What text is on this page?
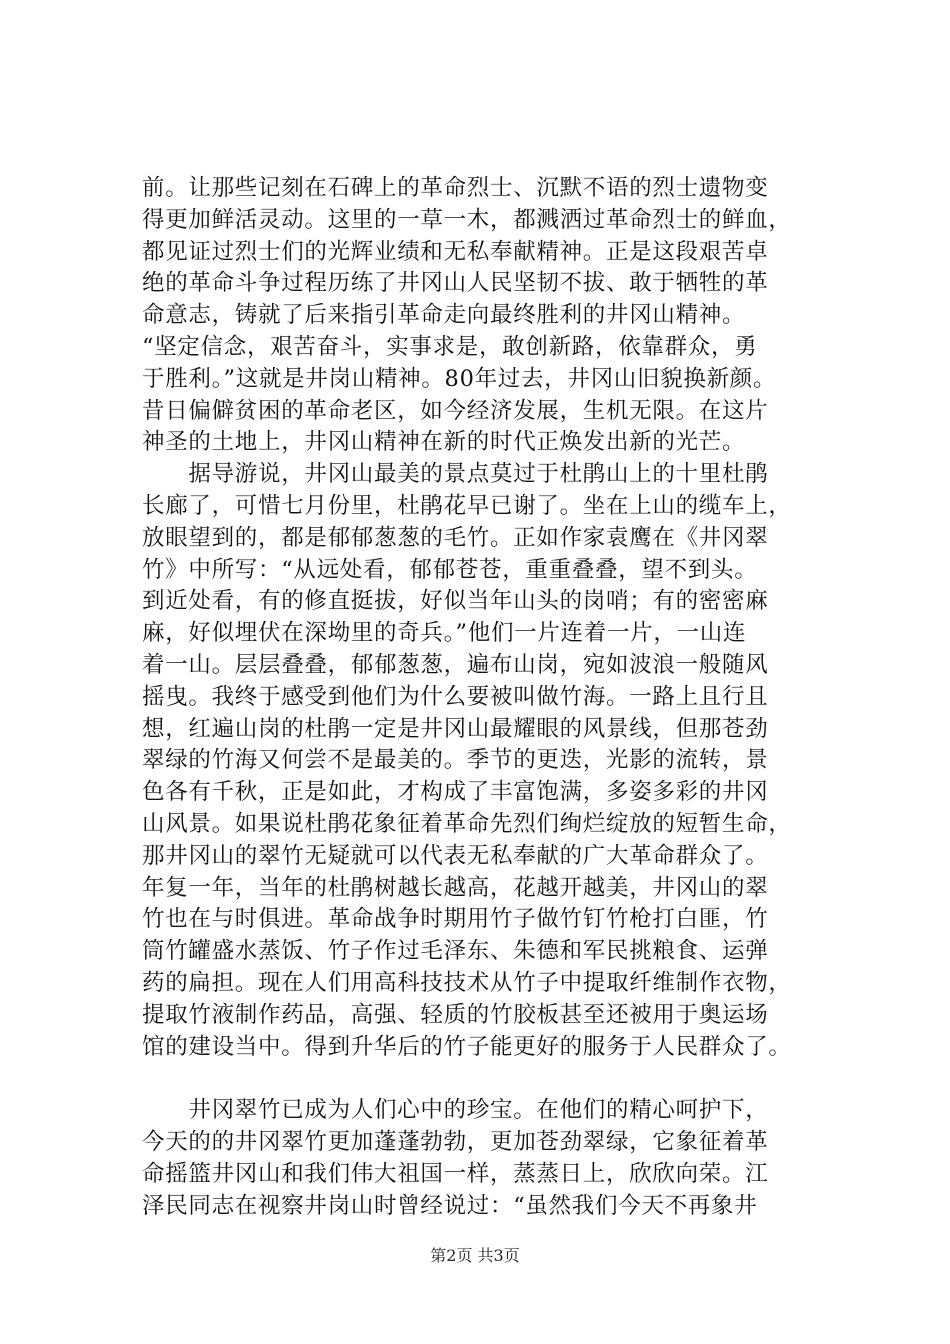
前。让那些记刻在石碑上的革命烈士、沉默不语的烈士遗物变
得更加鲜活灵动。这里的一草一木，都溅洒过革命烈士的鲜血，
都见证过烈士们的光辉业绩和无私奉献精神。正是这段艰苦卓
绝的革命斗争过程历练了井冈山人民坚韧不拔、敢于牺牲的革
命意志，铸就了后来指引革命走向最终胜利的井冈山精神。
“坚定信念，艰苦奋斗，实事求是，敢创新路，依靠群众，勇
于胜利。”这就是井岗山精神。80年过去，井冈山旧貌换新颜。
昔日偏僻贫困的革命老区，如今经济发展，生机无限。在这片
神圣的土地上，井冈山精神在新的时代正焕发出新的光芒。
　　据导游说，井冈山最美的景点莫过于杜鹃山上的十里杜鹃
长廊了，可惜七月份里，杜鹃花早已谢了。坐在上山的缆车上，
放眼望到的，都是郁郁葱葱的毛竹。正如作家袁鹰在《井冈翠
竹》中所写：“从远处看，郁郁苍苍，重重叠叠，望不到头。
到近处看，有的修直挺拔，好似当年山头的岗哨；有的密密麻
麻，好似埋伏在深坳里的奇兵。”他们一片连着一片，一山连
着一山。层层叠叠，郁郁葱葱，遍布山岗，宛如波浪一般随风
摇曳。我终于感受到他们为什么要被叫做竹海。一路上且行且
想，红遍山岗的杜鹃一定是井冈山最耀眼的风景线，但那苍劲
翠绿的竹海又何尝不是最美的。季节的更迭，光影的流转，景
色各有千秋，正是如此，才构成了丰富饱满，多姿多彩的井冈
山风景。如果说杜鹃花象征着革命先烈们绚烂绽放的短暂生命，
那井冈山的翠竹无疑就可以代表无私奉献的广大革命群众了。
年复一年，当年的杜鹃树越长越高，花越开越美，井冈山的翠
竹也在与时俱进。革命战争时期用竹子做竹钉竹枪打白匪，竹
筒竹罐盛水蒸饭、竹子作过毛泽东、朱德和军民挑粮食、运弹
药的扁担。现在人们用高科技技术从竹子中提取纤维制作衣物，
提取竹液制作药品，高强、轻质的竹胶板甚至还被用于奥运场
馆的建设当中。得到升华后的竹子能更好的服务于人民群众了。
　　井冈翠竹已成为人们心中的珍宝。在他们的精心呵护下，
今天的的井冈翠竹更加蓬蓬勃勃，更加苍劲翠绿，它象征着革
命摇篮井冈山和我们伟大祖国一样，蒸蒸日上，欣欣向荣。江
泽民同志在视察井岗山时曾经说过：“虽然我们今天不再象井
第2页 共3页
